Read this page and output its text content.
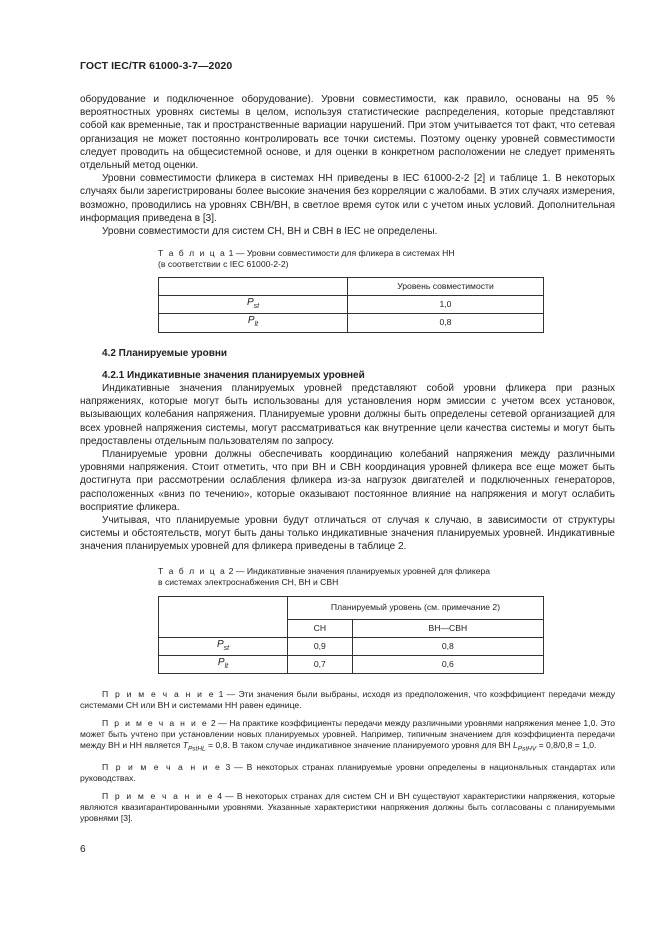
ГОСТ IEC/TR 61000-3-7—2020

оборудование и подключенное оборудование). Уровни совместимости, как правило, основаны на 95 % вероятностных уровнях системы в целом, используя статистические распределения, которые представляют собой как временные, так и пространственные вариации нарушений. При этом учитывается тот факт, что сетевая организация не может постоянно контролировать все точки системы. Поэтому оценку уровней совместимости следует проводить на общесистемной основе, и для оценки в конкретном расположении не следует применять отдельный метод оценки.

Уровни совместимости фликера в системах НН приведены в IEC 61000-2-2 [2] и таблице 1. В некоторых случаях были зарегистрированы более высокие значения без корреляции с жалобами. В этих случаях измерения, возможно, проводились на уровнях СВН/ВН, в светлое время суток или с учетом иных условий. Дополнительная информация приведена в [3].

Уровни совместимости для систем СН, ВН и СВН в IEC не определены.

Т а б л и ц а 1 — Уровни совместимости для фликера в системах НН
(в соответствии с IEC 61000-2-2)
	Уровень совместимости
$P_{st}$	1,0
$P_{lt}$	0,8
4.2 Планируемые уровни
4.2.1 Индикативные значения планируемых уровней

Индикативные значения планируемых уровней представляют собой уровни фликера при разных напряжениях, которые могут быть использованы для установления норм эмиссии с учетом всех установок, вызывающих колебания напряжения. Планируемые уровни должны быть определены сетевой организацией для всех уровней напряжения системы, могут рассматриваться как внутренние цели качества системы и могут быть предоставлены отдельным пользователям по запросу.

Планируемые уровни должны обеспечивать координацию колебаний напряжения между различными уровнями напряжения. Стоит отметить, что при ВН и СВН координация уровней фликера все еще может быть достигнута при рассмотрении ослабления фликера из-за нагрузок двигателей и подключенных генераторов, расположенных «вниз по течению», которые оказывают постоянное влияние на напряжения и могут ослабить восприятие фликера.

Учитывая, что планируемые уровни будут отличаться от случая к случаю, в зависимости от структуры системы и обстоятельств, могут быть даны только индикативные значения планируемых уровней. Индикативные значения планируемых уровней для фликера приведены в таблице 2.

Т а б л и ц а 2 — Индикативные значения планируемых уровней для фликера
в системах электроснабжения СН, ВН и СВН
	Планируемый уровень (см. примечание 2)	
	СН	ВН—СВН
$P_{st}$	0,9	0,8
$P_{lt}$	0,7	0,6
П р и м е ч а н и е 1 — Эти значения были выбраны, исходя из предположения, что коэффициент передачи между системами СН или ВН и системами НН равен единице.
П р и м е ч а н и е 2 — На практике коэффициенты передачи между различными уровнями напряжения менее 1,0. Это может быть учтено при установлении новых планируемых уровней. Например, типичным значением для коэффициента передачи между ВН и НН является $T_{PstHL} = 0,8$. В таком случае индикативное значение планируемого уровня для ВН $L_{PstHV} = 0,8/0,8 = 1,0$.
П р и м е ч а н и е 3 — В некоторых странах планируемые уровни определены в национальных стандартах или руководствах.
П р и м е ч а н и е 4 — В некоторых странах для систем СН и ВН существуют характеристики напряжения, которые являются квазигарантированными уровнями. Указанные характеристики напряжения должны быть согласованы с планируемыми уровнями [3].
6
